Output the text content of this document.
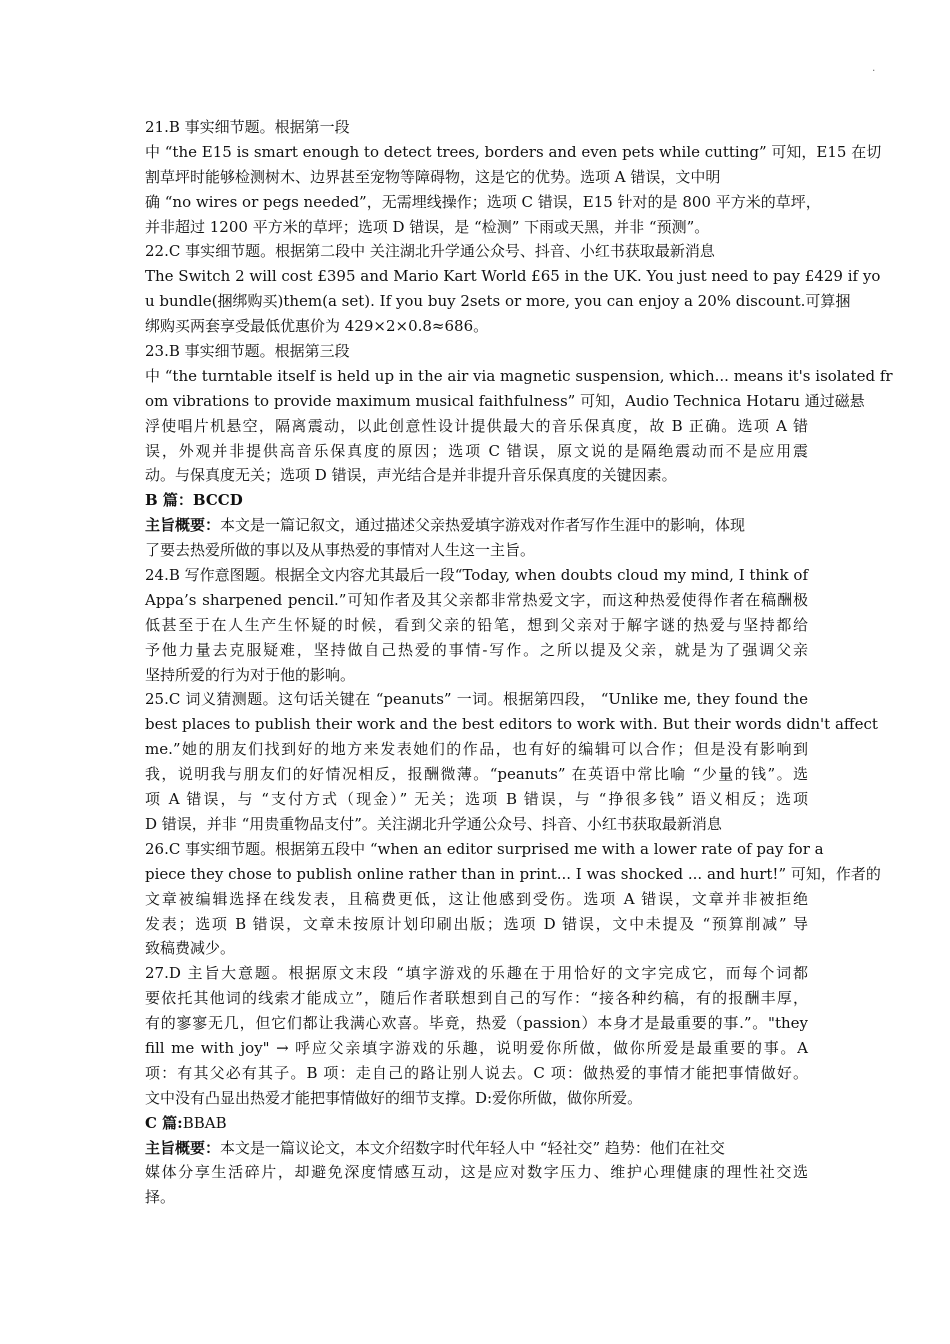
.
21.B 事实细节题。根据第一段
中 “the E15 is smart enough to detect trees, borders and even pets while cutting” 可知，E15 在切
割草坪时能够检测树木、边界甚至宠物等障碍物，这是它的优势。选项 A 错误，文中明
确 “no wires or pegs needed”，无需埋线操作；选项 C 错误，E15 针对的是 800 平方米的草坪，
并非超过 1200 平方米的草坪；选项 D 错误，是 “检测” 下雨或天黑，并非 “预测”。
22.C 事实细节题。根据第二段中 关注湖北升学通公众号、抖音、小红书获取最新消息
The Switch 2 will cost £395 and Mario Kart World £65 in the UK. You just need to pay £429 if yo
u bundle(捆绑购买)them(a set). If you buy 2sets or more, you can enjoy a 20% discount.可算捆
绑购买两套享受最低优惠价为 429×2×0.8≈686。
23.B 事实细节题。根据第三段
中 “the turntable itself is held up in the air via magnetic suspension, which... means it's isolated fr
om vibrations to provide maximum musical faithfulness” 可知，Audio Technica Hotaru 通过磁悬
浮使唱片机悬空，隔离震动，以此创意性设计提供最大的音乐保真度，故 B 正确。选项 A 错
误，外观并非提供高音乐保真度的原因；选项 C 错误，原文说的是隔绝震动而不是应用震
动。与保真度无关；选项 D 错误，声光结合是并非提升音乐保真度的关键因素。
B 篇：BCCD
主旨概要：本文是一篇记叙文，通过描述父亲热爱填字游戏对作者写作生涯中的影响，体现
了要去热爱所做的事以及从事热爱的事情对人生这一主旨。
24.B 写作意图题。根据全文内容尤其最后一段“Today, when doubts cloud my mind, I think of
Appa’s sharpened pencil.”可知作者及其父亲都非常热爱文字，而这种热爱使得作者在稿酬极
低甚至于在人生产生怀疑的时候，看到父亲的铅笔，想到父亲对于解字谜的热爱与坚持都给
予他力量去克服疑难，坚持做自己热爱的事情-写作。之所以提及父亲，就是为了强调父亲
坚持所爱的行为对于他的影响。
25.C 词义猜测题。这句话关键在 “peanuts” 一词。根据第四段， “Unlike me, they found the
best places to publish their work and the best editors to work with. But their words didn't affect
me.”她的朋友们找到好的地方来发表她们的作品，也有好的编辑可以合作；但是没有影响到
我，说明我与朋友们的好情况相反，报酬微薄。“peanuts” 在英语中常比喻 “少量的钱”。选
项 A 错误，与 “支付方式（现金）” 无关；选项 B 错误，与 “挣很多钱” 语义相反；选项
D 错误，并非 “用贵重物品支付”。关注湖北升学通公众号、抖音、小红书获取最新消息
26.C 事实细节题。根据第五段中 “when an editor surprised me with a lower rate of pay for a
piece they chose to publish online rather than in print... I was shocked ... and hurt!” 可知，作者的
文章被编辑选择在线发表，且稿费更低，这让他感到受伤。选项 A 错误，文章并非被拒绝
发表；选项 B 错误，文章未按原计划印刷出版；选项 D 错误，文中未提及 “预算削减” 导
致稿费减少。
27.D 主旨大意题。根据原文末段 “填字游戏的乐趣在于用恰好的文字完成它，而每个词都
要依托其他词的线索才能成立”，随后作者联想到自己的写作：“接各种约稿，有的报酬丰厚，
有的寥寥无几，但它们都让我满心欢喜。毕竟，热爱（passion）本身才是最重要的事.”。"they
fill me with joy" → 呼应父亲填字游戏的乐趣，说明爱你所做，做你所爱是最重要的事。A
项：有其父必有其子。B 项：走自己的路让别人说去。C 项：做热爱的事情才能把事情做好。
文中没有凸显出热爱才能把事情做好的细节支撑。D:爱你所做，做你所爱。
C 篇:BBAB
主旨概要：本文是一篇议论文，本文介绍数字时代年轻人中 “轻社交” 趋势：他们在社交
媒体分享生活碎片，却避免深度情感互动，这是应对数字压力、维护心理健康的理性社交选
择。
